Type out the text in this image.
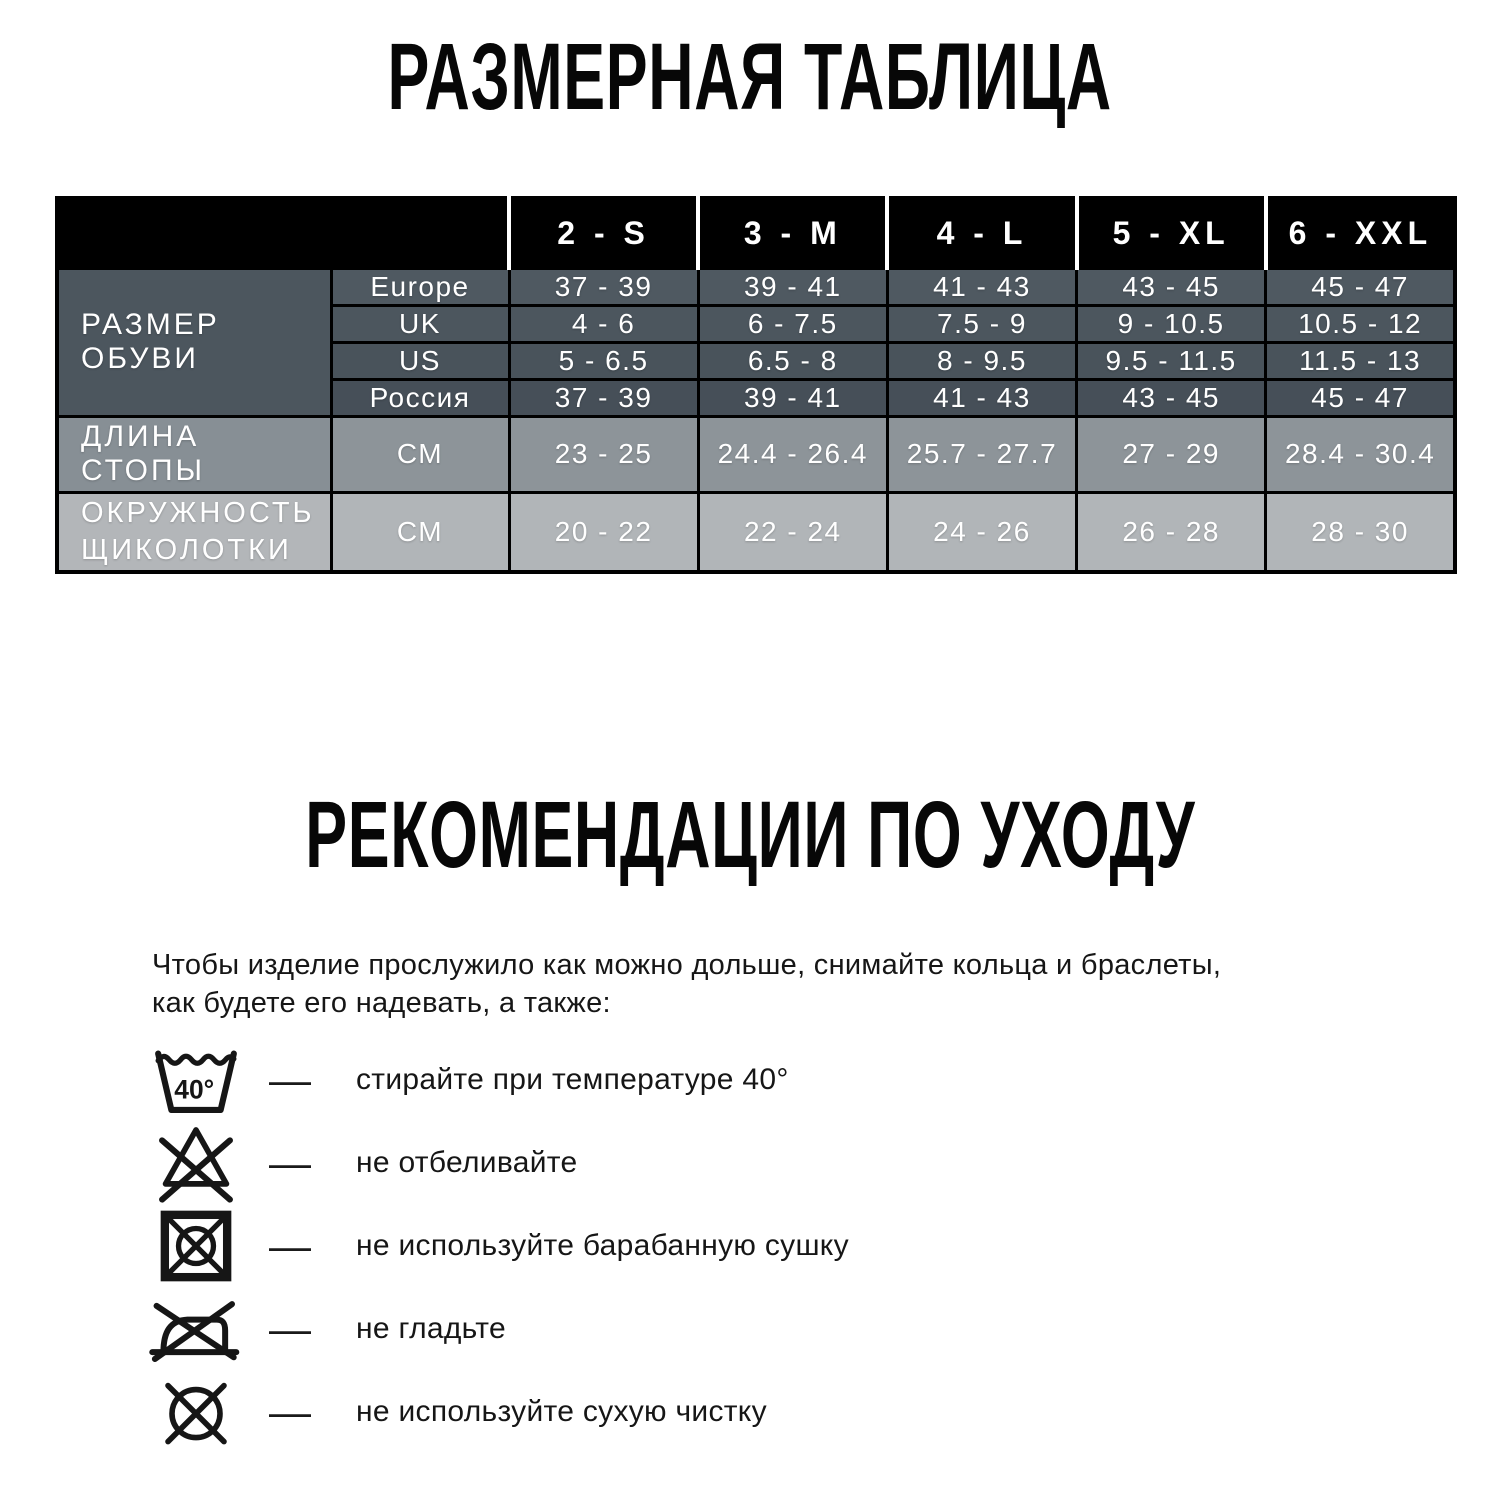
РАЗМЕРНАЯ ТАБЛИЦА
		2 - S	3 - M	4 - L	5 - XL	6 - XXL
РАЗМЕР ОБУВИ	Europe	37 - 39	39 - 41	41 - 43	43 - 45	45 - 47
	UK	4 - 6	6 - 7.5	7.5 - 9	9 - 10.5	10.5 - 12
	US	5 - 6.5	6.5 - 8	8 - 9.5	9.5 - 11.5	11.5 - 13
	Россия	37 - 39	39 - 41	41 - 43	43 - 45	45 - 47
ДЛИНА СТОПЫ	СМ	23 - 25	24.4 - 26.4	25.7 - 27.7	27 - 29	28.4 - 30.4
ОКРУЖНОСТЬ ЩИКОЛОТКИ	СМ	20 - 22	22 - 24	24 - 26	26 - 28	28 - 30
РЕКОМЕНДАЦИИ ПО УХОДУ
Чтобы изделие прослужило как можно дольше, снимайте кольца и браслеты,
как будете его надевать, а также:
40°	—	стирайте при температуре 40°
—	не отбеливайте
—	не используйте барабанную сушку
—	не гладьте
—	не используйте сухую чистку
